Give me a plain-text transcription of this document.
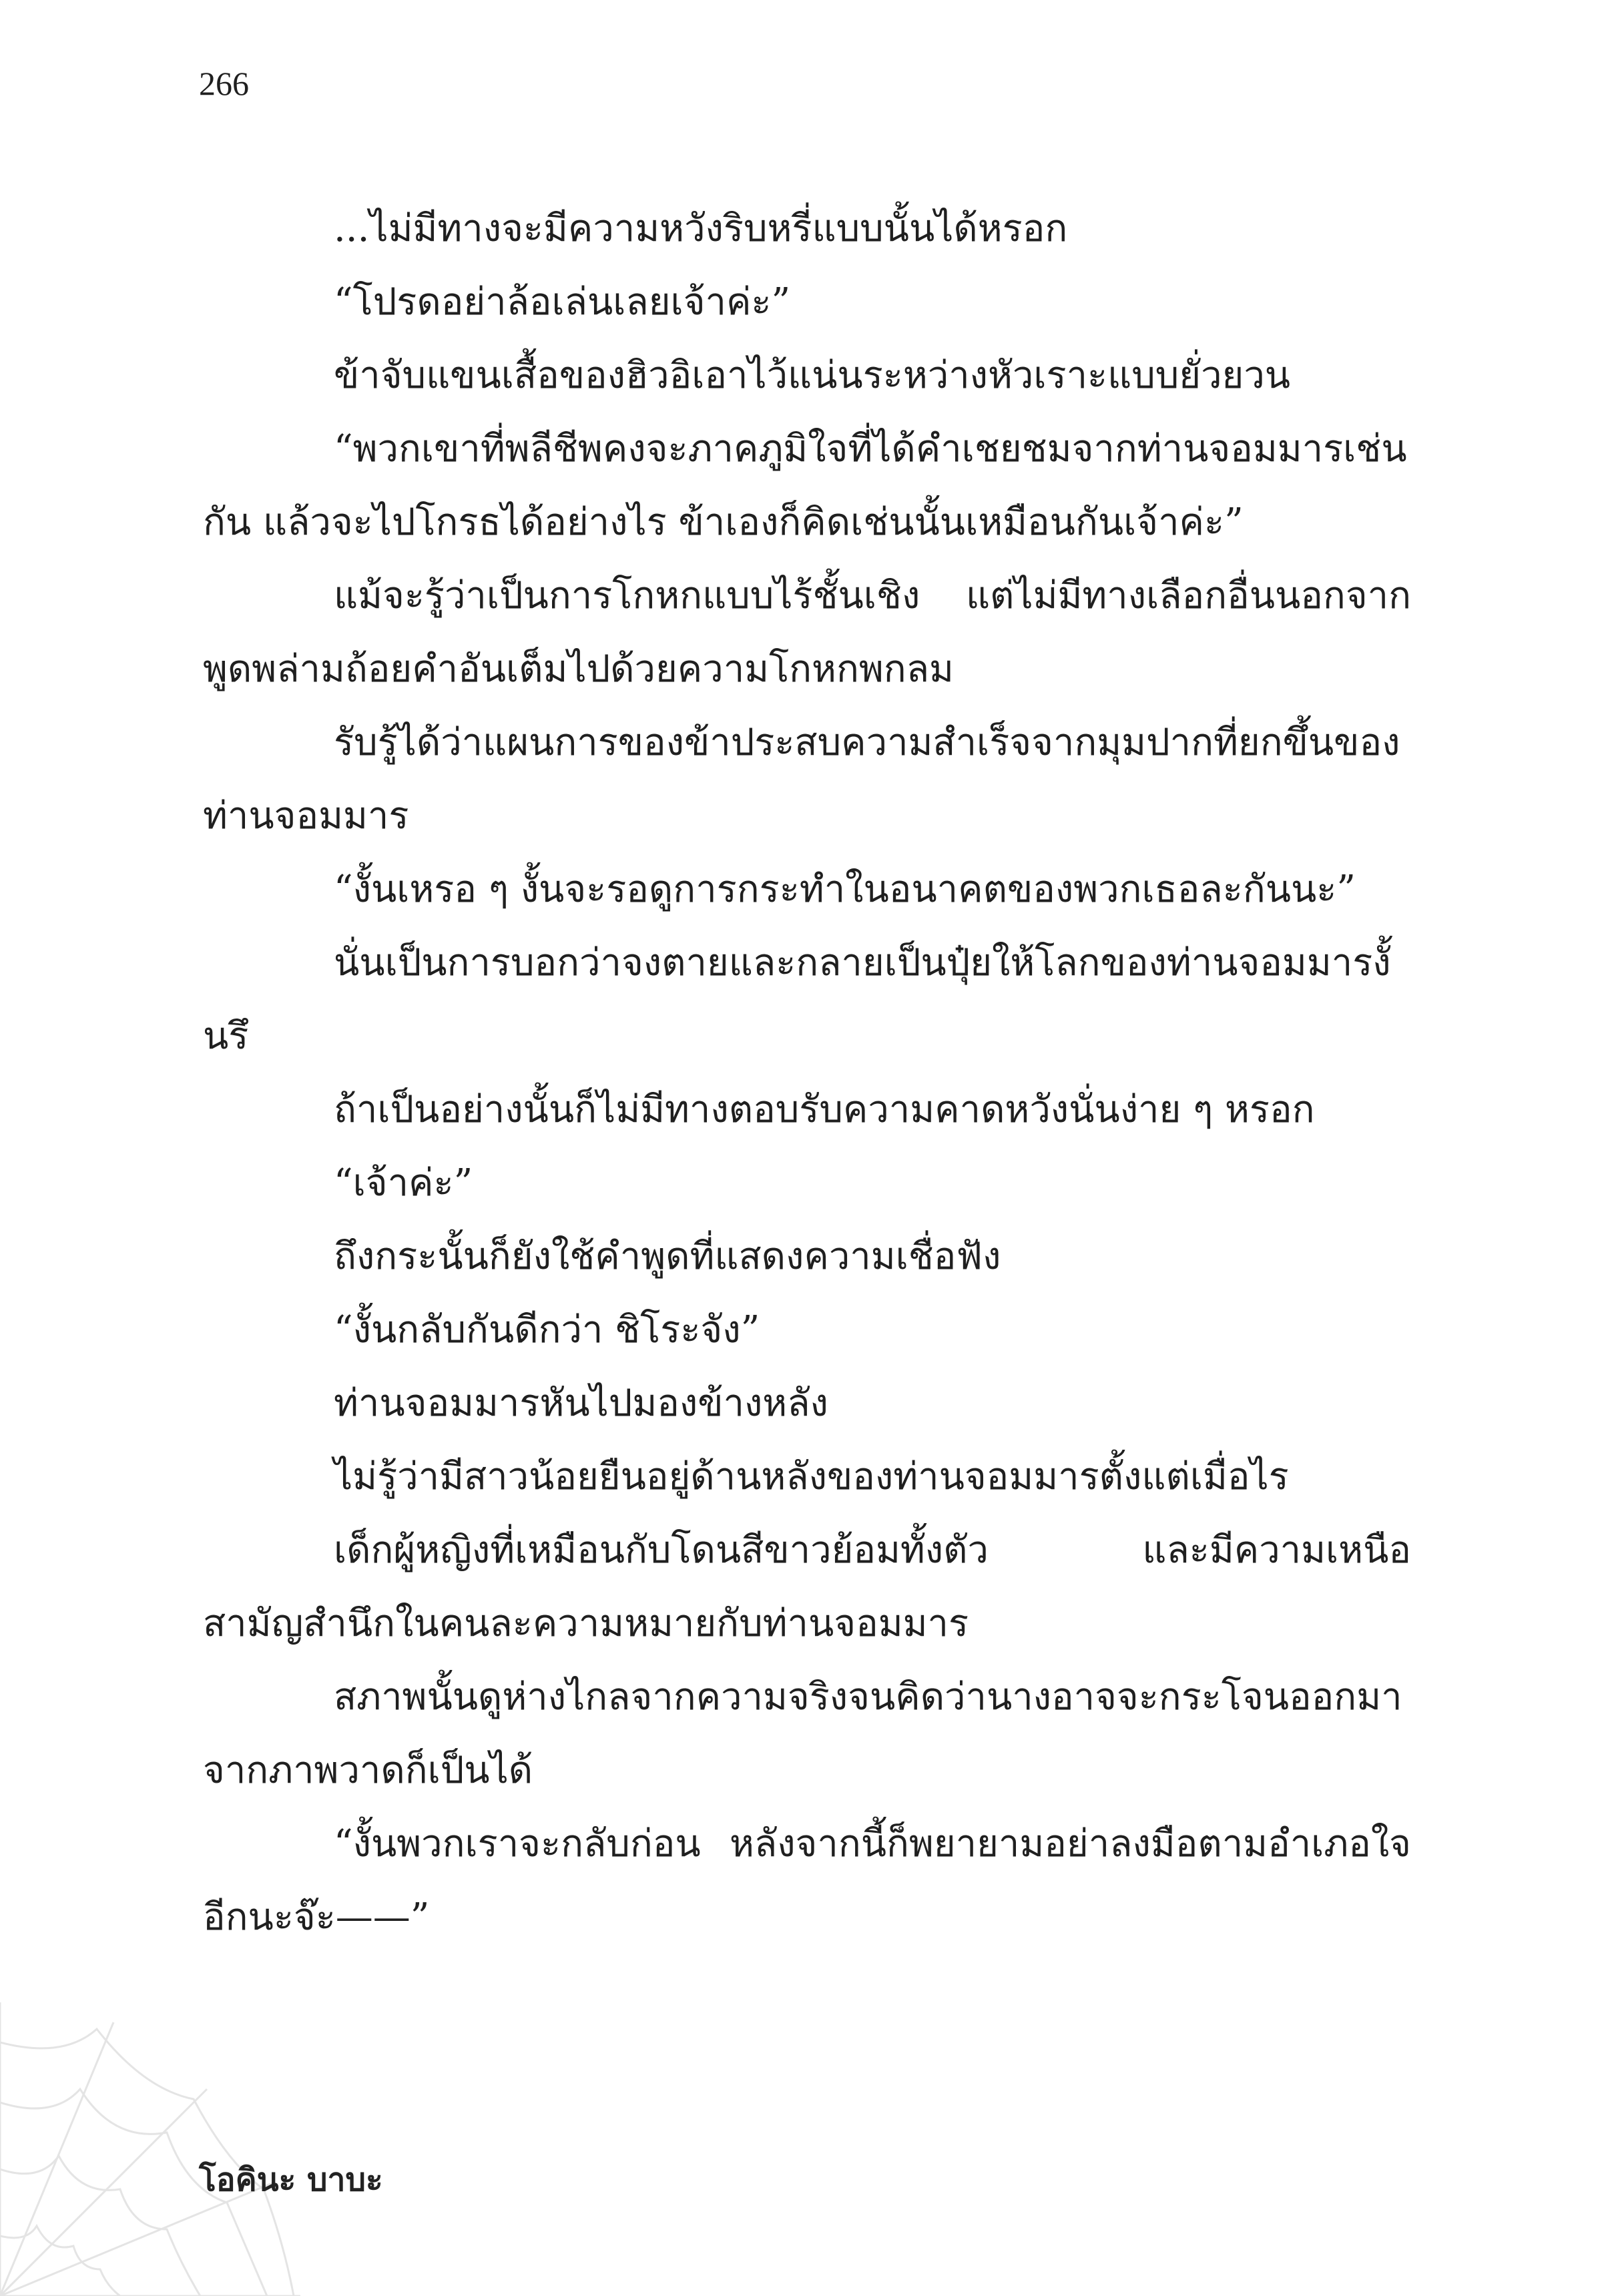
266

...ไม่มีทางจะมีความหวังริบหรี่แบบนั้นได้หรอก

“โปรดอย่าล้อเล่นเลยเจ้าค่ะ”

ข้าจับแขนเสื้อของฮิวอิเอาไว้แน่นระหว่างหัวเราะแบบยั่วยวน

“พวกเขาที่พลีชีพคงจะภาคภูมิใจที่ได้คำเชยชมจากท่านจอมมารเช่นกัน แล้วจะไปโกรธได้อย่างไร ข้าเองก็คิดเช่นนั้นเหมือนกันเจ้าค่ะ”

แม้จะรู้ว่าเป็นการโกหกแบบไร้ชั้นเชิง แต่ไม่มีทางเลือกอื่นนอกจากพูดพล่ามถ้อยคำอันเต็มไปด้วยความโกหกพกลม

รับรู้ได้ว่าแผนการของข้าประสบความสำเร็จจากมุมปากที่ยกขึ้นของท่านจอมมาร

“งั้นเหรอ ๆ งั้นจะรอดูการกระทำในอนาคตของพวกเธอละกันนะ”

นั่นเป็นการบอกว่าจงตายและกลายเป็นปุ๋ยให้โลกของท่านจอมมารงั้นรึ

ถ้าเป็นอย่างนั้นก็ไม่มีทางตอบรับความคาดหวังนั่นง่าย ๆ หรอก

“เจ้าค่ะ”

ถึงกระนั้นก็ยังใช้คำพูดที่แสดงความเชื่อฟัง

“งั้นกลับกันดีกว่า ชิโระจัง”

ท่านจอมมารหันไปมองข้างหลัง

ไม่รู้ว่ามีสาวน้อยยืนอยู่ด้านหลังของท่านจอมมารตั้งแต่เมื่อไร

เด็กผู้หญิงที่เหมือนกับโดนสีขาวย้อมทั้งตัว และมีความเหนือสามัญสำนึกในคนละความหมายกับท่านจอมมาร

สภาพนั้นดูห่างไกลจากความจริงจนคิดว่านางอาจจะกระโจนออกมาจากภาพวาดก็เป็นได้

“งั้นพวกเราจะกลับก่อน หลังจากนี้ก็พยายามอย่าลงมือตามอำเภอใจอีกนะจ๊ะ——”

โอคินะ บาบะ
